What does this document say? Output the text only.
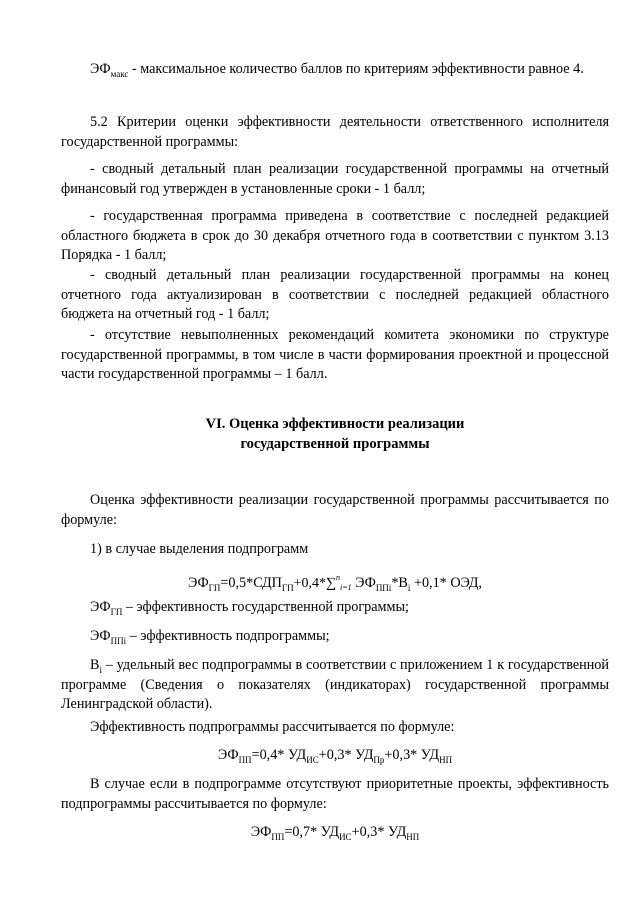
$ЭФ_{макс}$ - максимальное количество баллов по критериям эффективности равное 4.

5.2 Критерии оценки эффективности деятельности ответственного исполнителя государственной программы:

- сводный детальный план реализации государственной программы на отчетный финансовый год утвержден в установленные сроки - 1 балл;

- государственная программа приведена в соответствие с последней редакцией областного бюджета в срок до 30 декабря отчетного года в соответствии с пунктом 3.13 Порядка - 1 балл;

- сводный детальный план реализации государственной программы на конец отчетного года актуализирован в соответствии с последней редакцией областного бюджета на отчетный год - 1 балл;

- отсутствие невыполненных рекомендаций комитета экономики по структуре государственной программы, в том числе в части формирования проектной и процессной части государственной программы – 1 балл.

VI. Оценка эффективности реализации

государственной программы

Оценка эффективности реализации государственной программы рассчитывается по формуле:

1) в случае выделения подпрограмм

$ЭФ_{ГП}=0,5*СДП_{ГП}+0,4*\sum^n_{i=1}$ $ЭФ_{ППi}*В_i +0,1*$ ОЭД,

$ЭФ_{ГП}$ – эффективность государственной программы;

$ЭФ_{ППi}$ – эффективность подпрограммы;

$В_i$ – удельный вес подпрограммы в соответствии с приложением 1 к государственной программе (Сведения о показателях (индикаторах) государственной программы Ленинградской области).

Эффективность подпрограммы рассчитывается по формуле:

$ЭФ_{ПП}=0,4*$ $УД_{ИС}+0,3*$ $УД_{Пр}+0,3*$ $УД_{НП}$

В случае если в подпрограмме отсутствуют приоритетные проекты, эффективность подпрограммы рассчитывается по формуле:

$ЭФ_{ПП}=0,7*$ $УД_{ИС}+0,3*$ $УД_{НП}$
